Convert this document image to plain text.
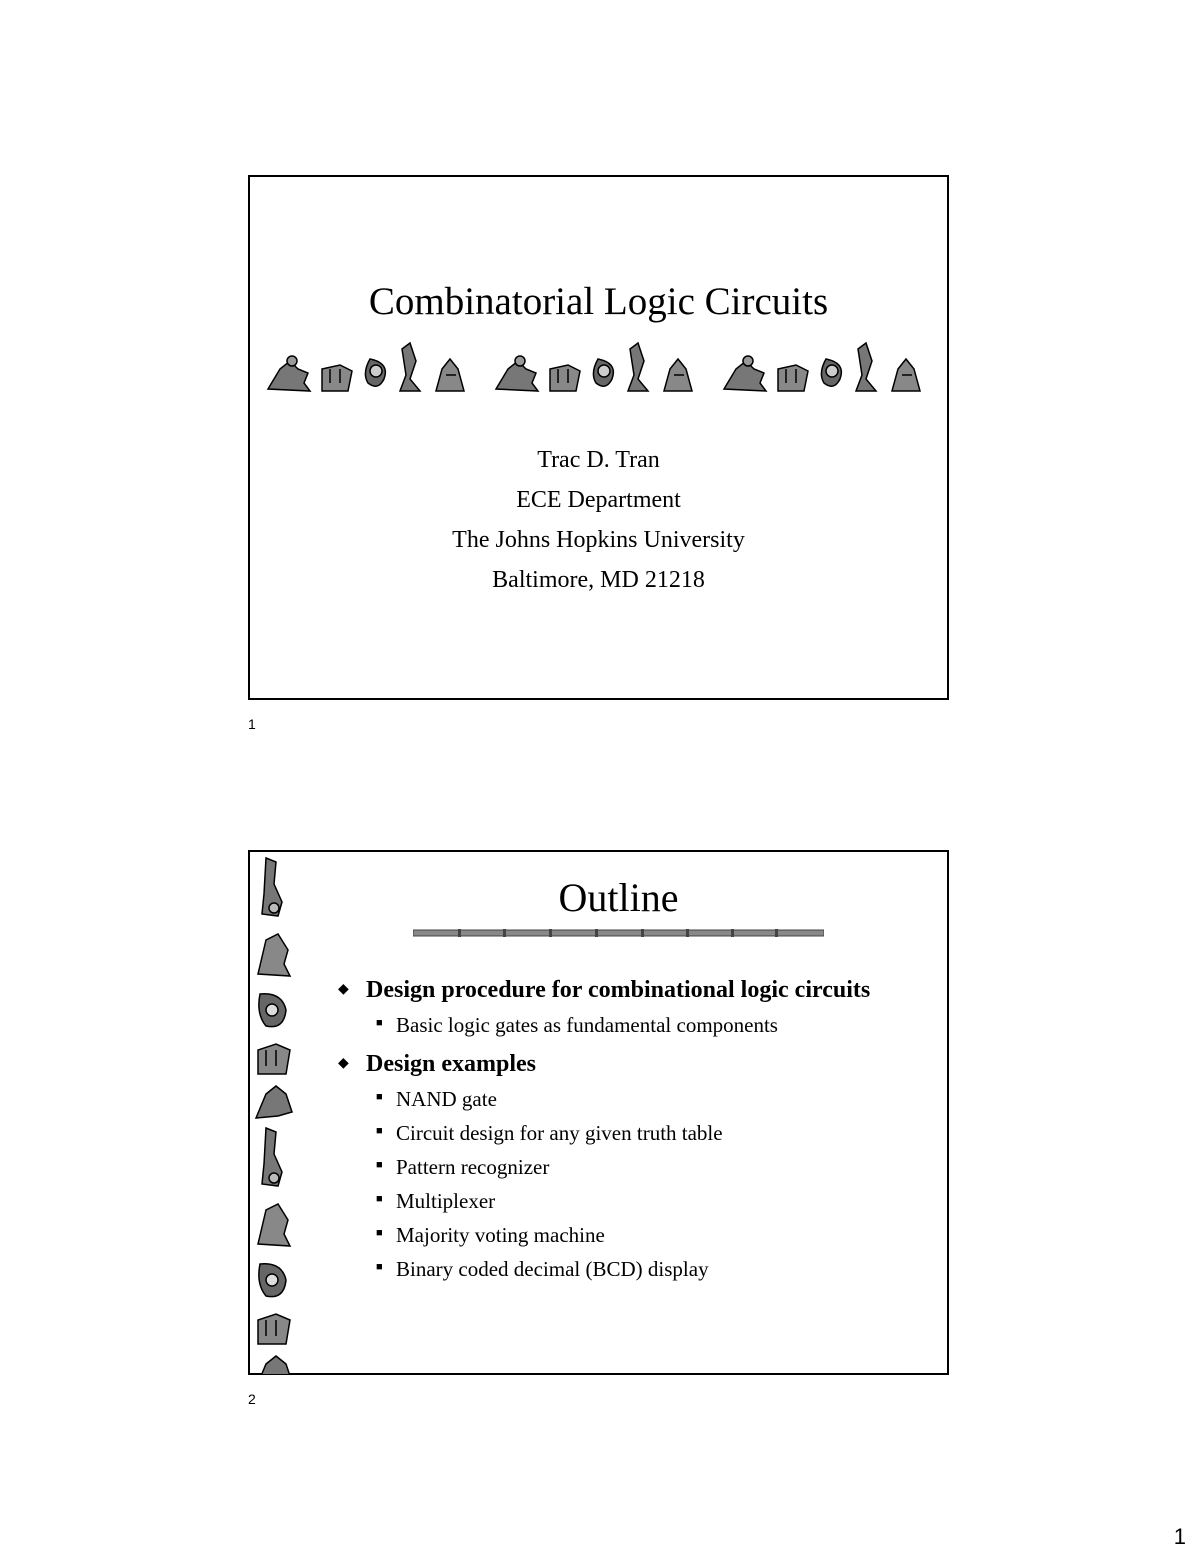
Combinatorial Logic Circuits
Trac D. Tran
ECE Department
The Johns Hopkins University
Baltimore, MD 21218
1
Outline
◆ Design procedure for combinational logic circuits
■ Basic logic gates as fundamental components
◆ Design examples
■ NAND gate
■ Circuit design for any given truth table
■ Pattern recognizer
■ Multiplexer
■ Majority voting machine
■ Binary coded decimal (BCD) display
2
1
